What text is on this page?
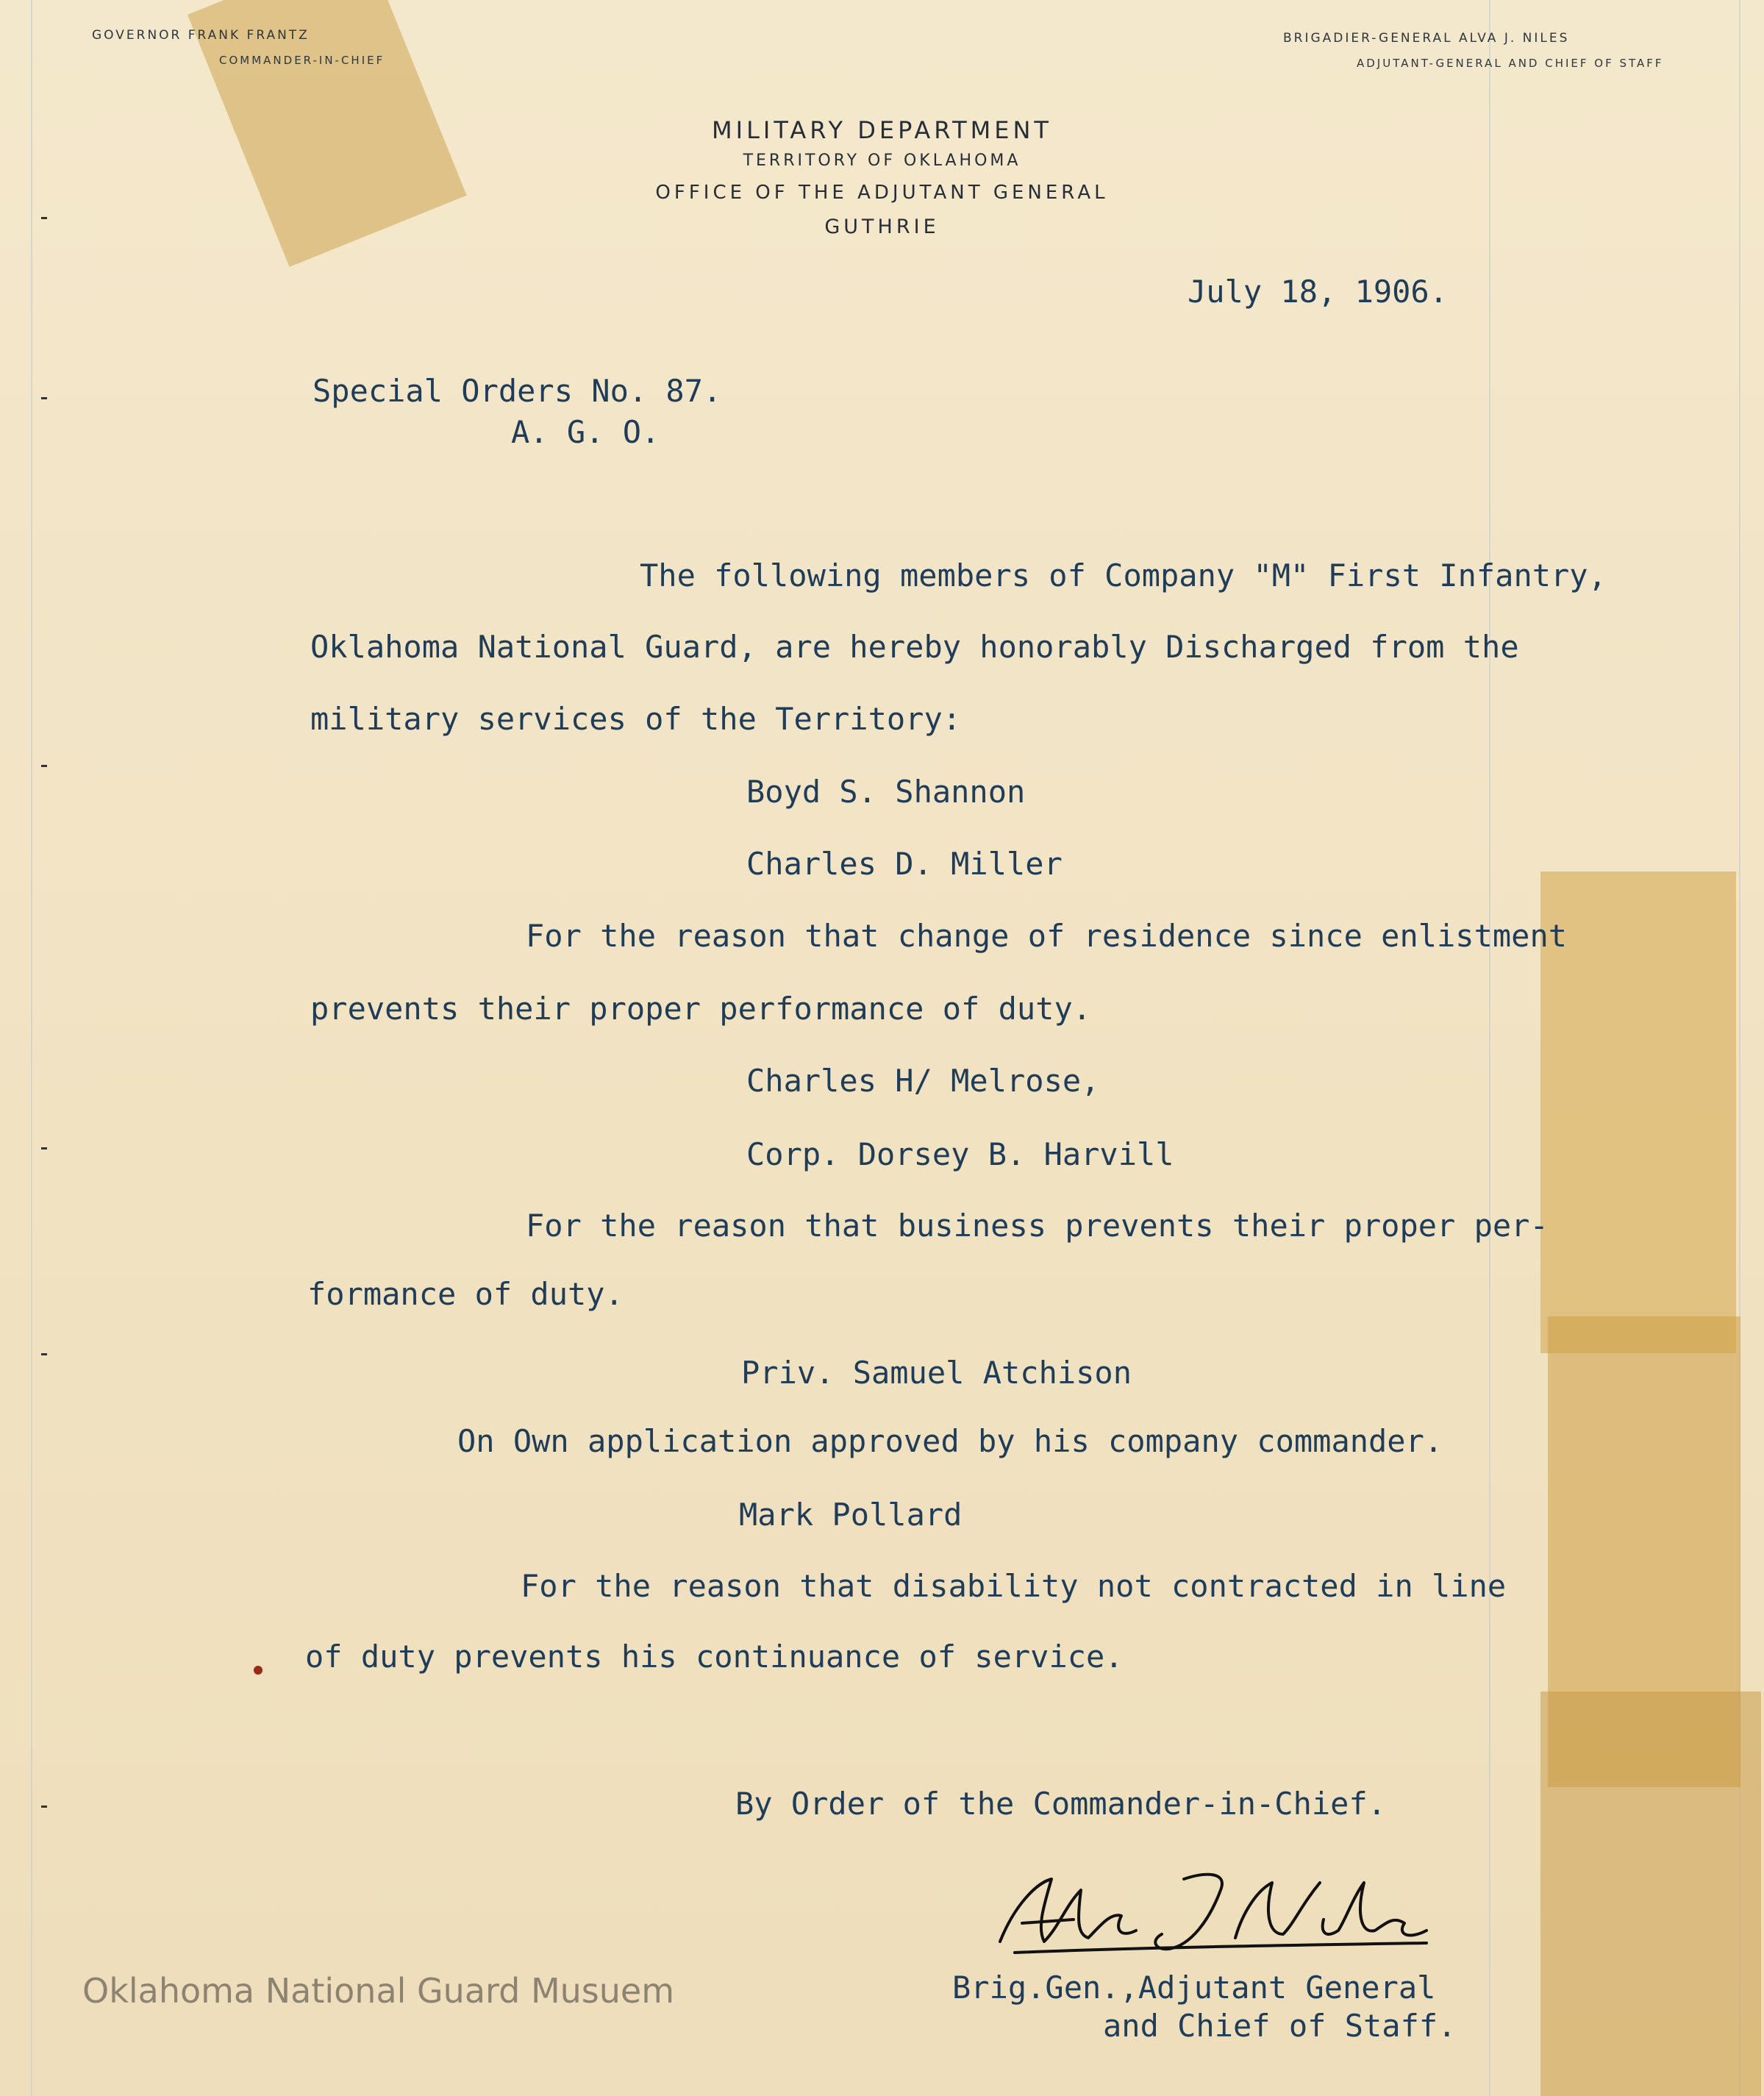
GOVERNOR FRANK FRANTZ
COMMANDER-IN-CHIEF
BRIGADIER-GENERAL ALVA J. NILES
ADJUTANT-GENERAL AND CHIEF OF STAFF
MILITARY DEPARTMENT
TERRITORY OF OKLAHOMA
OFFICE OF THE ADJUTANT GENERAL
GUTHRIE
July 18, 1906.
Special Orders No. 87.
A. G. O.
The following members of Company "M" First Infantry,
Oklahoma National Guard, are hereby honorably Discharged from the
military services of the Territory:
Boyd S. Shannon
Charles D. Miller
For the reason that change of residence since enlistment
prevents their proper performance of duty.
Charles H/ Melrose,
Corp. Dorsey B. Harvill
For the reason that business prevents their proper per-
formance of duty.
Priv. Samuel Atchison
On Own application approved by his company commander.
Mark Pollard
For the reason that disability not contracted in line
of duty prevents his continuance of service.
By Order of the Commander-in-Chief.
Brig.Gen.,Adjutant General
and Chief of Staff.
Oklahoma National Guard Musuem
